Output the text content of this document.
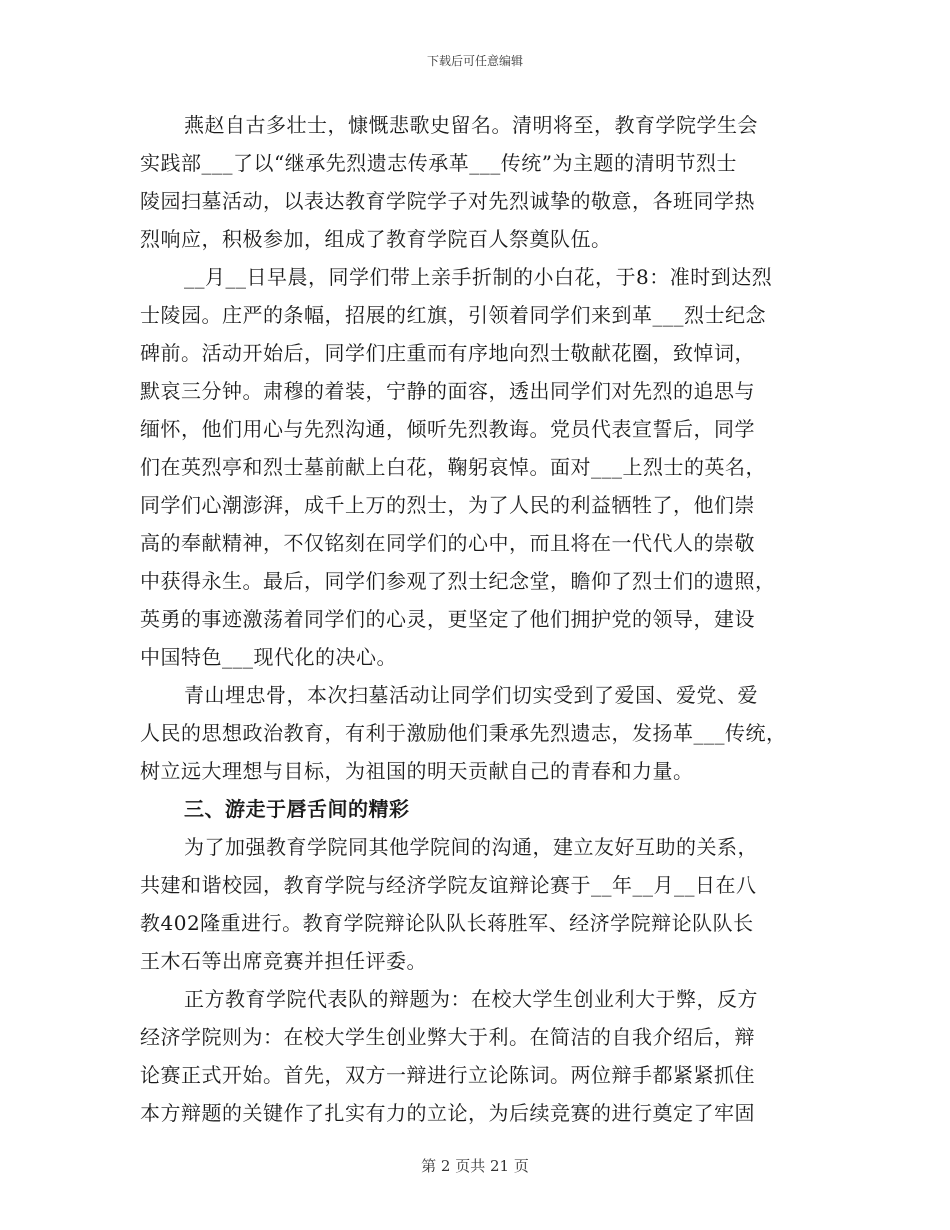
下载后可任意编辑
燕赵自古多壮士，慷慨悲歌史留名。清明将至，教育学院学生会
实践部___了以“继承先烈遗志传承革___传统”为主题的清明节烈士
陵园扫墓活动，以表达教育学院学子对先烈诚挚的敬意，各班同学热
烈响应，积极参加，组成了教育学院百人祭奠队伍。
__月__日早晨，同学们带上亲手折制的小白花，于8：准时到达烈
士陵园。庄严的条幅，招展的红旗，引领着同学们来到革___烈士纪念
碑前。活动开始后，同学们庄重而有序地向烈士敬献花圈，致悼词，
默哀三分钟。肃穆的着装，宁静的面容，透出同学们对先烈的追思与
缅怀，他们用心与先烈沟通，倾听先烈教诲。党员代表宣誓后，同学
们在英烈亭和烈士墓前献上白花，鞠躬哀悼。面对___上烈士的英名，
同学们心潮澎湃，成千上万的烈士，为了人民的利益牺牲了，他们崇
高的奉献精神，不仅铭刻在同学们的心中，而且将在一代代人的崇敬
中获得永生。最后，同学们参观了烈士纪念堂，瞻仰了烈士们的遗照，
英勇的事迹激荡着同学们的心灵，更坚定了他们拥护党的领导，建设
中国特色___现代化的决心。
青山埋忠骨，本次扫墓活动让同学们切实受到了爱国、爱党、爱
人民的思想政治教育，有利于激励他们秉承先烈遗志，发扬革___传统，
树立远大理想与目标，为祖国的明天贡献自己的青春和力量。
三、游走于唇舌间的精彩
为了加强教育学院同其他学院间的沟通，建立友好互助的关系，
共建和谐校园，教育学院与经济学院友谊辩论赛于__年__月__日在八
教402隆重进行。教育学院辩论队队长蒋胜军、经济学院辩论队队长
王木石等出席竞赛并担任评委。
正方教育学院代表队的辩题为：在校大学生创业利大于弊，反方
经济学院则为：在校大学生创业弊大于利。在简洁的自我介绍后，辩
论赛正式开始。首先，双方一辩进行立论陈词。两位辩手都紧紧抓住
本方辩题的关键作了扎实有力的立论，为后续竞赛的进行奠定了牢固
第 2 页共 21 页
